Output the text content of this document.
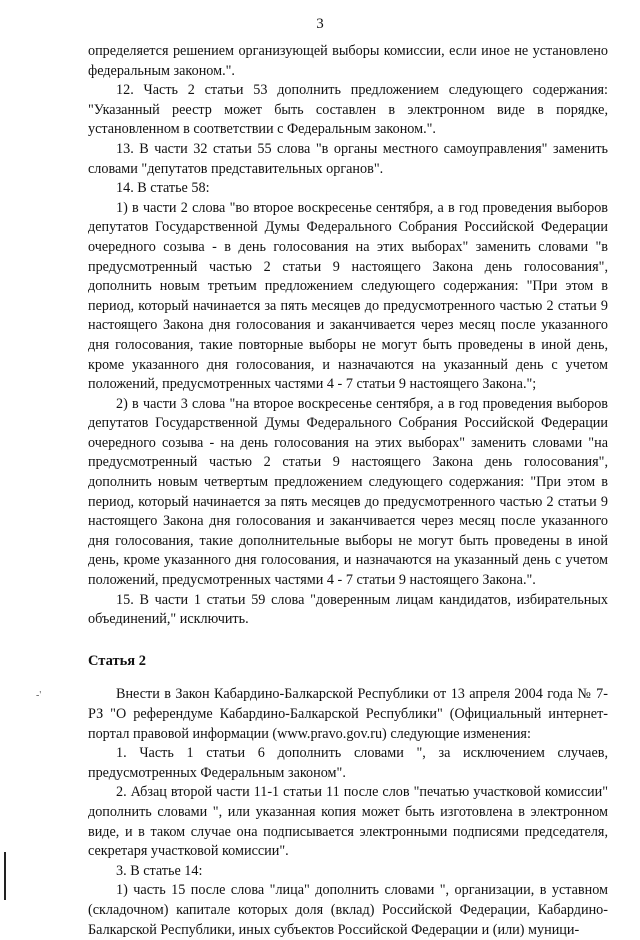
3

определяется решением организующей выборы комиссии, если иное не установлено федеральным законом.".

12. Часть 2 статьи 53 дополнить предложением следующего содержания: "Указанный реестр может быть составлен в электронном виде в порядке, установленном в соответствии с Федеральным законом.".

13. В части 32 статьи 55 слова "в органы местного самоуправления" заменить словами "депутатов представительных органов".

14. В статье 58:

1) в части 2 слова "во второе воскресенье сентября, а в год проведения выборов депутатов Государственной Думы Федерального Собрания Российской Федерации очередного созыва - в день голосования на этих выборах" заменить словами "в предусмотренный частью 2 статьи 9 настоящего Закона день голосования", дополнить новым третьим предложением следующего содержания: "При этом в период, который начинается за пять месяцев до предусмотренного частью 2 статьи 9 настоящего Закона дня голосования и заканчивается через месяц после указанного дня голосования, такие повторные выборы не могут быть проведены в иной день, кроме указанного дня голосования, и назначаются на указанный день с учетом положений, предусмотренных частями 4 - 7 статьи 9 настоящего Закона.";

2) в части 3 слова "на второе воскресенье сентября, а в год проведения выборов депутатов Государственной Думы Федерального Собрания Российской Федерации очередного созыва - на день голосования на этих выборах" заменить словами "на предусмотренный частью 2 статьи 9 настоящего Закона день голосования", дополнить новым четвертым предложением следующего содержания: "При этом в период, который начинается за пять месяцев до предусмотренного частью 2 статьи 9 настоящего Закона дня голосования и заканчивается через месяц после указанного дня голосования, такие дополнительные выборы не могут быть проведены в иной день, кроме указанного дня голосования, и назначаются на указанный день с учетом положений, предусмотренных частями 4 - 7 статьи 9 настоящего Закона.".

15. В части 1 статьи 59 слова "доверенным лицам кандидатов, избирательных объединений," исключить.

Статья 2

Внести в Закон Кабардино-Балкарской Республики от 13 апреля 2004 года № 7-РЗ "О референдуме Кабардино-Балкарской Республики" (Официальный интернет-портал правовой информации (www.pravo.gov.ru) следующие изменения:

1. Часть 1 статьи 6 дополнить словами ", за исключением случаев, предусмотренных Федеральным законом".

2. Абзац второй части 11-1 статьи 11 после слов "печатью участковой комиссии" дополнить словами ", или указанная копия может быть изготовлена в электронном виде, и в таком случае она подписывается электронными подписями председателя, секретаря участковой комиссии".

3. В статье 14:

1) часть 15 после слова "лица" дополнить словами ", организации, в уставном (складочном) капитале которых доля (вклад) Российской Федерации, Кабардино-Балкарской Республики, иных субъектов Российской Федерации и (или) муници-

-'
